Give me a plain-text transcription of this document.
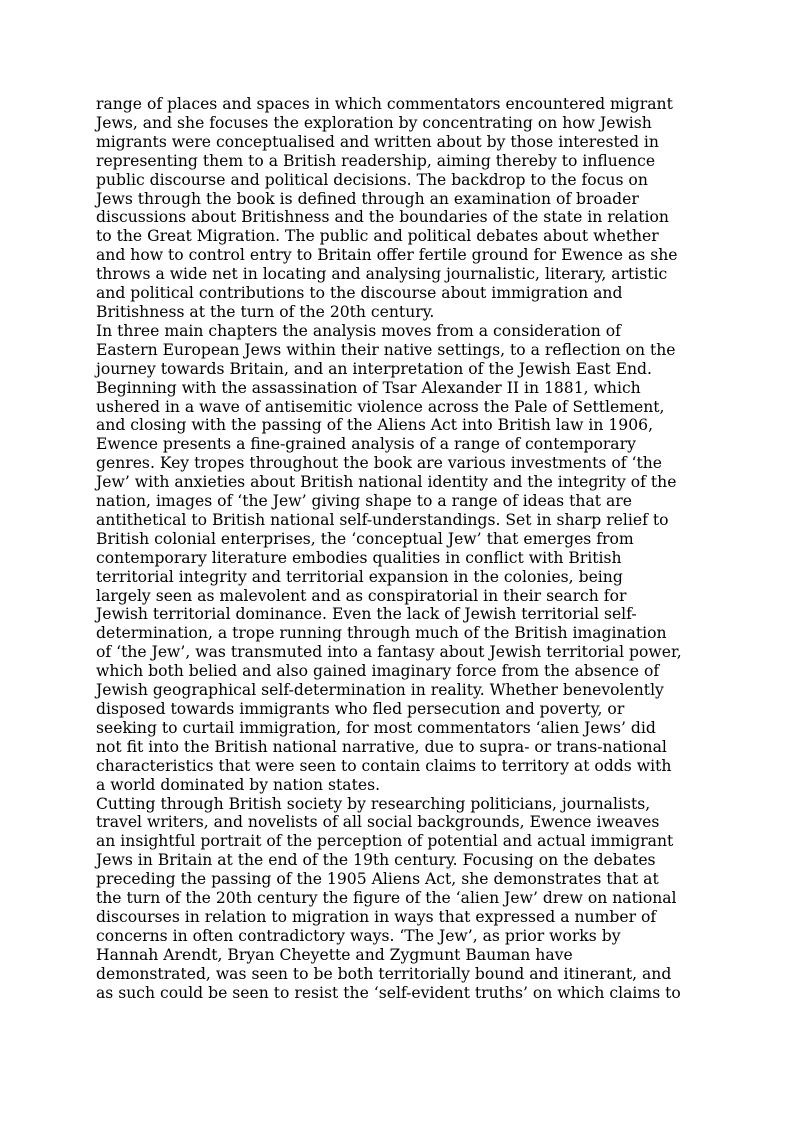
range of places and spaces in which commentators encountered migrant
Jews, and she focuses the exploration by concentrating on how Jewish
migrants were conceptualised and written about by those interested in
representing them to a British readership, aiming thereby to influence
public discourse and political decisions. The backdrop to the focus on
Jews through the book is defined through an examination of broader
discussions about Britishness and the boundaries of the state in relation
to the Great Migration. The public and political debates about whether
and how to control entry to Britain offer fertile ground for Ewence as she
throws a wide net in locating and analysing journalistic, literary, artistic
and political contributions to the discourse about immigration and
Britishness at the turn of the 20th century.

In three main chapters the analysis moves from a consideration of
Eastern European Jews within their native settings, to a reflection on the
journey towards Britain, and an interpretation of the Jewish East End.
Beginning with the assassination of Tsar Alexander II in 1881, which
ushered in a wave of antisemitic violence across the Pale of Settlement,
and closing with the passing of the Aliens Act into British law in 1906,
Ewence presents a fine-grained analysis of a range of contemporary
genres. Key tropes throughout the book are various investments of ‘the
Jew’ with anxieties about British national identity and the integrity of the
nation, images of ‘the Jew’ giving shape to a range of ideas that are
antithetical to British national self-understandings. Set in sharp relief to
British colonial enterprises, the ‘conceptual Jew’ that emerges from
contemporary literature embodies qualities in conflict with British
territorial integrity and territorial expansion in the colonies, being
largely seen as malevolent and as conspiratorial in their search for
Jewish territorial dominance. Even the lack of Jewish territorial self-
determination, a trope running through much of the British imagination
of ‘the Jew’, was transmuted into a fantasy about Jewish territorial power,
which both belied and also gained imaginary force from the absence of
Jewish geographical self-determination in reality. Whether benevolently
disposed towards immigrants who fled persecution and poverty, or
seeking to curtail immigration, for most commentators ‘alien Jews’ did
not fit into the British national narrative, due to supra- or trans-national
characteristics that were seen to contain claims to territory at odds with
a world dominated by nation states.

Cutting through British society by researching politicians, journalists,
travel writers, and novelists of all social backgrounds, Ewence iweaves
an insightful portrait of the perception of potential and actual immigrant
Jews in Britain at the end of the 19th century. Focusing on the debates
preceding the passing of the 1905 Aliens Act, she demonstrates that at
the turn of the 20th century the figure of the ‘alien Jew’ drew on national
discourses in relation to migration in ways that expressed a number of
concerns in often contradictory ways. ‘The Jew’, as prior works by
Hannah Arendt, Bryan Cheyette and Zygmunt Bauman have
demonstrated, was seen to be both territorially bound and itinerant, and
as such could be seen to resist the ‘self-evident truths’ on which claims to
